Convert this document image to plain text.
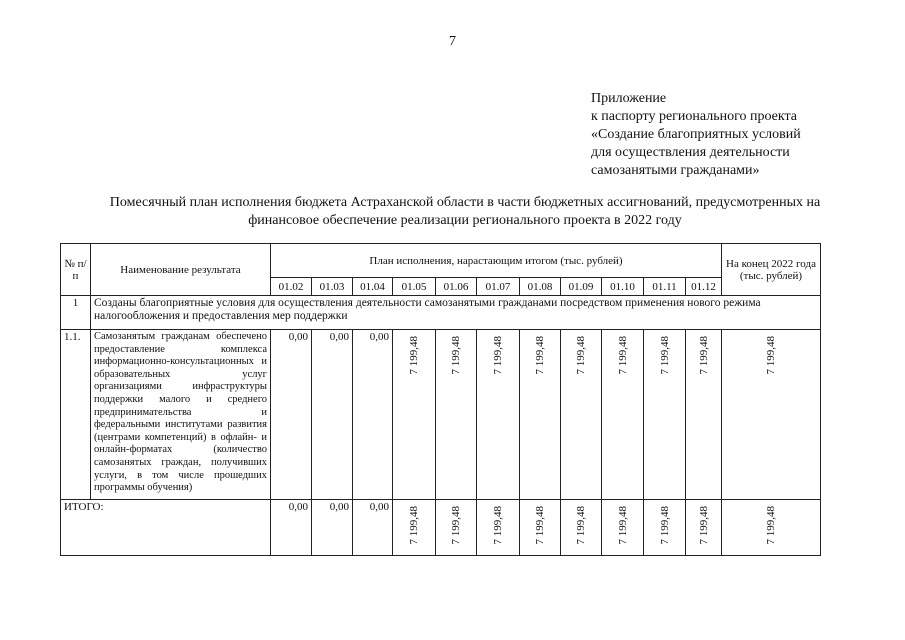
7
Приложение
к паспорту регионального проекта
«Создание благоприятных условий
для осуществления деятельности
самозанятыми гражданами»
Помесячный план исполнения бюджета Астраханской области в части бюджетных ассигнований, предусмотренных на
финансовое обеспечение реализации регионального проекта в 2022 году
№ п/п	Наименование результата	План исполнения, нарастающим итогом (тыс. рублей)											На конец 2022 года (тыс. рублей)
		01.02	01.03	01.04	01.05	01.06	01.07	01.08	01.09	01.10	01.11	01.12	
1	Созданы благоприятные условия для осуществления деятельности самозанятыми гражданами посредством применения нового режима налогообложения и предоставления мер поддержки												
1.1.	Самозанятым гражданам обеспечено предоставление комплекса информационно-консультационных и образовательных услуг организациями инфраструктуры поддержки малого и среднего предпринимательства и федеральными институтами развития (центрами компетенций) в офлайн- и онлайн-форматах (количество самозанятых граждан, получивших услуги, в том числе прошедших программы обучения)	0,00	0,00	0,00	7 199,48	7 199,48	7 199,48	7 199,48	7 199,48	7 199,48	7 199,48	7 199,48	7 199,48

ИТОГО:		0,00	0,00	0,00	7 199,48	7 199,48	7 199,48	7 199,48	7 199,48	7 199,48	7 199,48	7 199,48	7 199,48
